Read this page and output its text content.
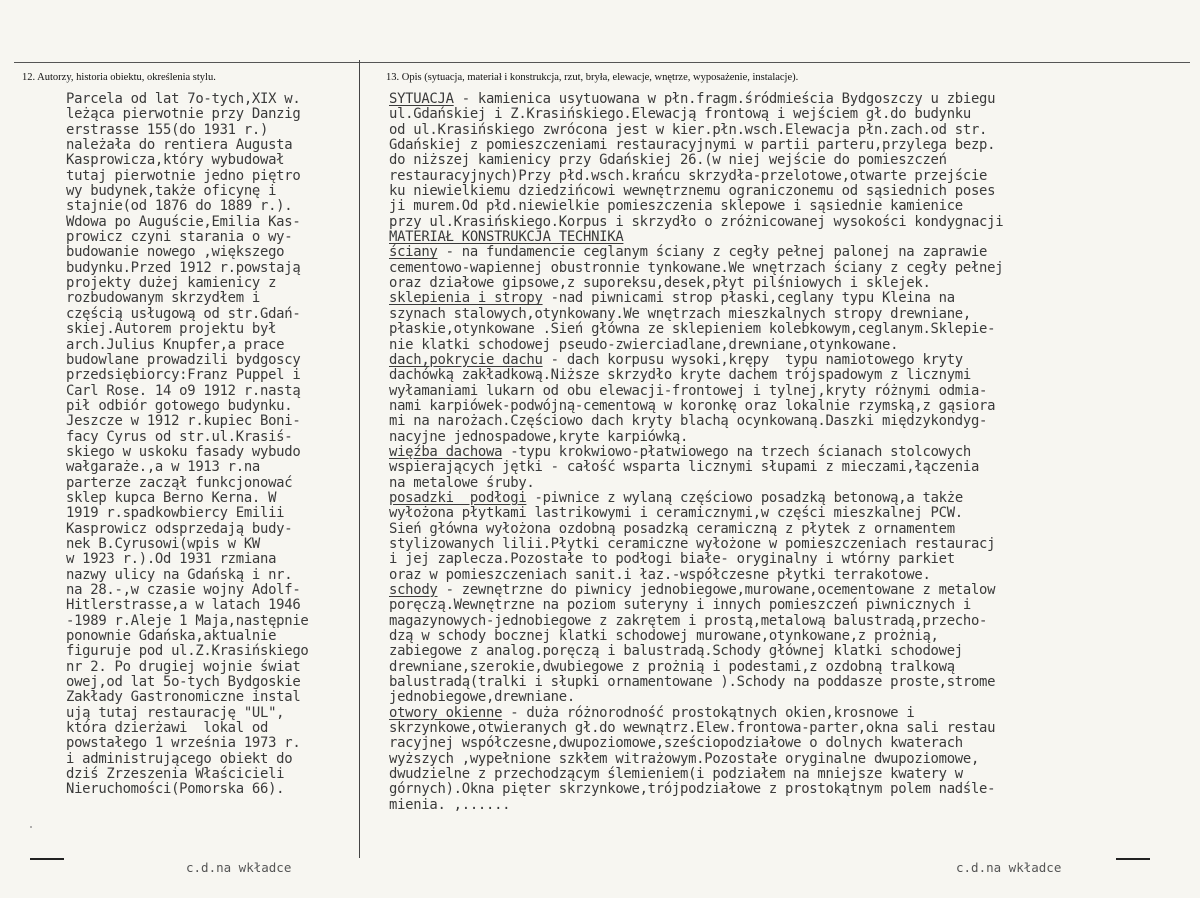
12. Autorzy, historia obiektu, określenia stylu.	13. Opis (sytuacja, materiał i konstrukcja, rzut, bryła, elewacje, wnętrze, wyposażenie, instalacje).
Parcela od lat 7o-tych,XIX w.
leżąca pierwotnie przy Danzig
erstrasse 155(do 1931 r.)
należała do rentiera Augusta
Kasprowicza,który wybudował
tutaj pierwotnie jedno piętro
wy budynek,także oficynę i
stajnie(od 1876 do 1889 r.).
Wdowa po Auguście,Emilia Kas-
prowicz czyni starania o wy-
budowanie nowego ,większego
budynku.Przed 1912 r.powstają
projekty dużej kamienicy z
rozbudowanym skrzydłem i
częścią usługową od str.Gdań-
skiej.Autorem projektu był
arch.Julius Knupfer,a prace
budowlane prowadzili bydgoscy
przedsiębiorcy:Franz Puppel i
Carl Rose. 14 o9 1912 r.nastą
pił odbiór gotowego budynku.
Jeszcze w 1912 r.kupiec Boni-
facy Cyrus od str.ul.Krasiś-
skiego w uskoku fasady wybudo
wałgaraże.,a w 1913 r.na
parterze zaczął funkcjonować
sklep kupca Berno Kerna. W
1919 r.spadkowbiercy Emilii
Kasprowicz odsprzedają budy-
nek B.Cyrusowi(wpis w KW
w 1923 r.).Od 1931 rzmiana
nazwy ulicy na Gdańską i nr.
na 28.-,w czasie wojny Adolf-
Hitlerstrasse,a w latach 1946
-1989 r.Aleje 1 Maja,następnie
ponownie Gdańska,aktualnie
figuruje pod ul.Z.Krasińskiego
nr 2. Po drugiej wojnie świat
owej,od lat 5o-tych Bydgoskie
Zakłady Gastronomiczne instal
ują tutaj restaurację "UL",
która dzierżawi  lokal od
powstałego 1 września 1973 r.
i administrującego obiekt do
dziś Zrzeszenia Właścicieli
Nieruchomości(Pomorska 66).
SYTUACJA - kamienica usytuowana w płn.fragm.śródmieścia Bydgoszczy u zbiegu
ul.Gdańskiej i Z.Krasińskiego.Elewacją frontową i wejściem gł.do budynku
od ul.Krasińskiego zwrócona jest w kier.płn.wsch.Elewacja płn.zach.od str.
Gdańskiej z pomieszczeniami restauracyjnymi w partii parteru,przylega bezp.
do niższej kamienicy przy Gdańskiej 26.(w niej wejście do pomieszczeń
restauracyjnych)Przy płd.wsch.krańcu skrzydła-przelotowe,otwarte przejście
ku niewielkiemu dziedzińcowi wewnętrznemu ograniczonemu od sąsiednich poses
ji murem.Od płd.niewielkie pomieszczenia sklepowe i sąsiednie kamienice
przy ul.Krasińskiego.Korpus i skrzydło o zróżnicowanej wysokości kondygnacji
MATERIAŁ KONSTRUKCJA TECHNIKA
ściany - na fundamencie ceglanym ściany z cegły pełnej palonej na zaprawie
cementowo-wapiennej obustronnie tynkowane.We wnętrzach ściany z cegły pełnej
oraz działowe gipsowe,z suporeksu,desek,płyt pilśniowych i sklejek.
sklepienia i stropy -nad piwnicami strop płaski,ceglany typu Kleina na
szynach stalowych,otynkowany.We wnętrzach mieszkalnych stropy drewniane,
płaskie,otynkowane .Sień główna ze sklepieniem kolebkowym,ceglanym.Sklepie-
nie klatki schodowej pseudo-zwierciadlane,drewniane,otynkowane.
dach,pokrycie dachu - dach korpusu wysoki,krępy  typu namiotowego kryty
dachówką zakładkową.Niższe skrzydło kryte dachem trójspadowym z licznymi
wyłamaniami lukarn od obu elewacji-frontowej i tylnej,kryty różnymi odmia-
nami karpiówek-podwójną-cementową w koronkę oraz lokalnie rzymską,z gąsiora
mi na narożach.Częściowo dach kryty blachą ocynkowaną.Daszki międzykondyg-
nacyjne jednospadowe,kryte karpiówką.
więźba dachowa -typu krokwiowo-płatwiowego na trzech ścianach stolcowych
wspierających jętki - całość wsparta licznymi słupami z mieczami,łączenia
na metalowe śruby.
posadzki  podłogi -piwnice z wylaną częściowo posadzką betonową,a także
wyłożona płytkami lastrikowymi i ceramicznymi,w części mieszkalnej PCW.
Sień główna wyłożona ozdobną posadzką ceramiczną z płytek z ornamentem
stylizowanych lilii.Płytki ceramiczne wyłożone w pomieszczeniach restauracj
i jej zaplecza.Pozostałe to podłogi białe- oryginalny i wtórny parkiet
oraz w pomieszczeniach sanit.i łaz.-współczesne płytki terrakotowe.
schody - zewnętrzne do piwnicy jednobiegowe,murowane,ocementowane z metalow
poręczą.Wewnętrzne na poziom suteryny i innych pomieszczeń piwnicznych i
magazynowych-jednobiegowe z zakrętem i prostą,metalową balustradą,przecho-
dzą w schody bocznej klatki schodowej murowane,otynkowane,z prożnią,
zabiegowe z analog.poręczą i balustradą.Schody głównej klatki schodowej
drewniane,szerokie,dwubiegowe z prożnią i podestami,z ozdobną tralkową
balustradą(tralki i słupki ornamentowane ).Schody na poddasze proste,strome
jednobiegowe,drewniane.
otwory okienne - duża różnorodność prostokątnych okien,krosnowe i
skrzynkowe,otwieranych gł.do wewnątrz.Elew.frontowa-parter,okna sali restau
racyjnej współczesne,dwupoziomowe,sześciopodziałowe o dolnych kwaterach
wyższych ,wypełnione szkłem witrażowym.Pozostałe oryginalne dwupoziomowe,
dwudzielne z przechodzącym ślemieniem(i podziałem na mniejsze kwatery w
górnych).Okna pięter skrzynkowe,trójpodziałowe z prostokątnym polem nadśle-
mienia. ,......
c.d.na wkładce	c.d.na wkładce
